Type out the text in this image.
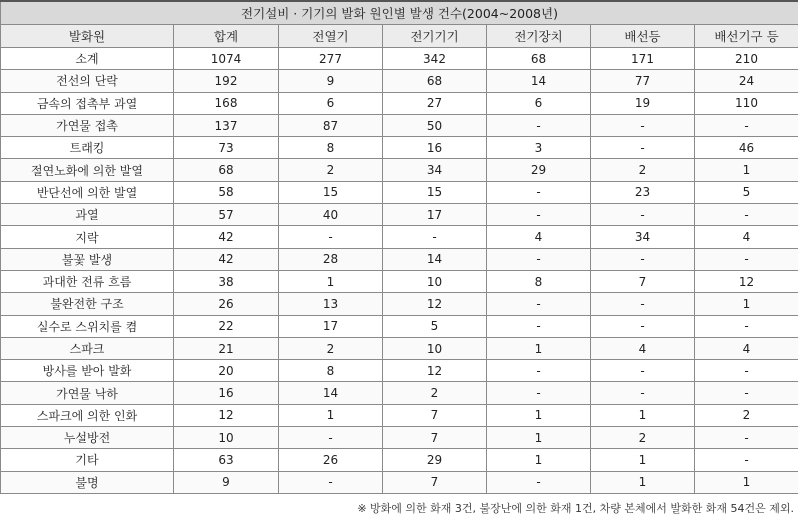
전기설비 · 기기의 발화 원인별 발생 건수(2004~2008년)						
발화원	합계	전열기	전기기기	전기장치	배선등	배선기구 등
소계	1074	277	342	68	171	210
전선의 단락	192	9	68	14	77	24
금속의 접촉부 과열	168	6	27	6	19	110
가연물 접촉	137	87	50	-	-	-
트래킹	73	8	16	3	-	46
절연노화에 의한 발열	68	2	34	29	2	1
반단선에 의한 발열	58	15	15	-	23	5
과열	57	40	17	-	-	-
지락	42	-	-	4	34	4
불꽃 발생	42	28	14	-	-	-
과대한 전류 흐름	38	1	10	8	7	12
불완전한 구조	26	13	12	-	-	1
실수로 스위치를 켬	22	17	5	-	-	-
스파크	21	2	10	1	4	4
방사를 받아 발화	20	8	12	-	-	-
가연물 낙하	16	14	2	-	-	-
스파크에 의한 인화	12	1	7	1	1	2
누설방전	10	-	7	1	2	-
기타	63	26	29	1	1	-
불명	9	-	7	-	1	1
※ 방화에 의한 화재 3건, 불장난에 의한 화재 1건, 차량 본체에서 발화한 화재 54건은 제외.
